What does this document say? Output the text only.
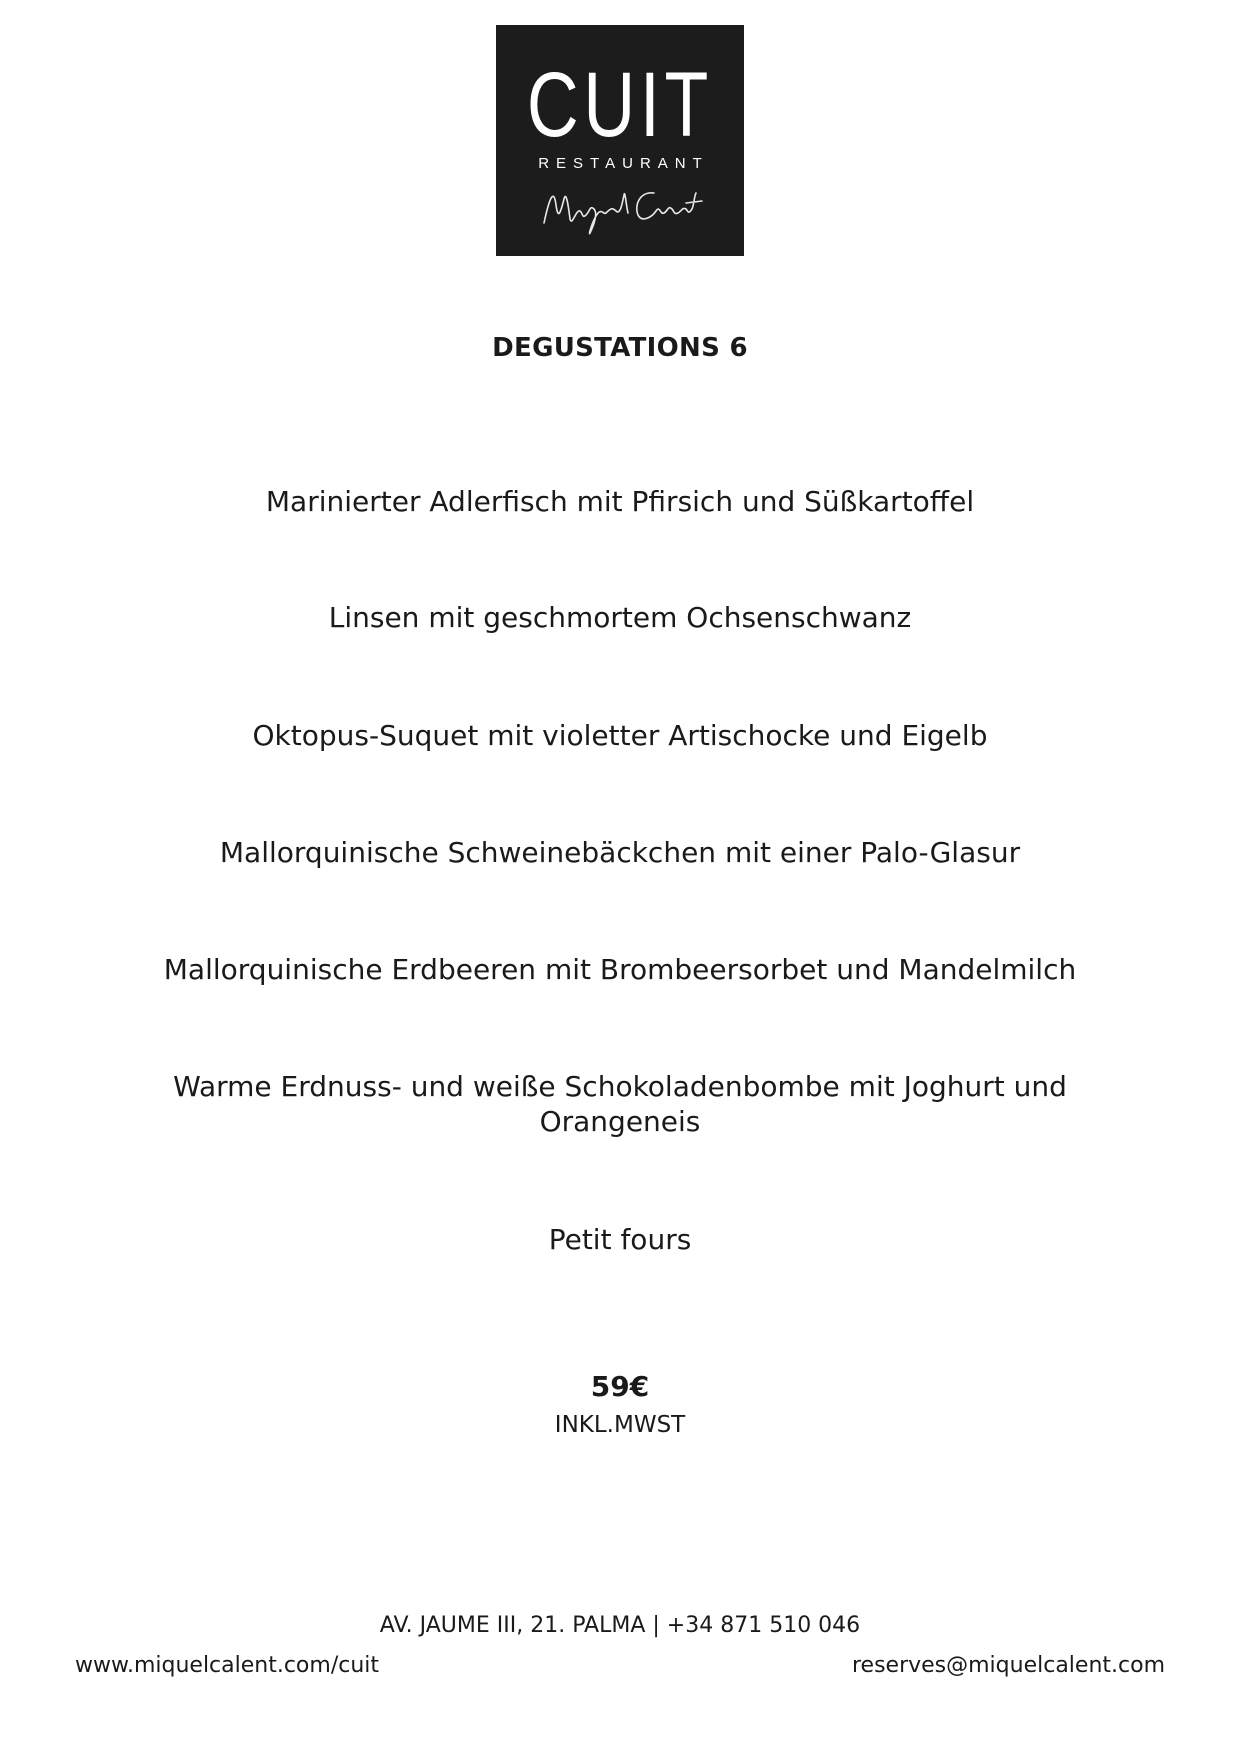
CUIT
RESTAURANT
DEGUSTATIONS 6
Marinierter Adlerfisch mit Pfirsich und Süßkartoffel
Linsen mit geschmortem Ochsenschwanz
Oktopus-Suquet mit violetter Artischocke und Eigelb
Mallorquinische Schweinebäckchen mit einer Palo-Glasur
Mallorquinische Erdbeeren mit Brombeersorbet und Mandelmilch
Warme Erdnuss- und weiße Schokoladenbombe mit Joghurt und Orangeneis
Petit fours
59€
INKL.MWST
AV. JAUME III, 21. PALMA | +34 871 510 046
www.miquelcalent.com/cuit	reserves@miquelcalent.com
